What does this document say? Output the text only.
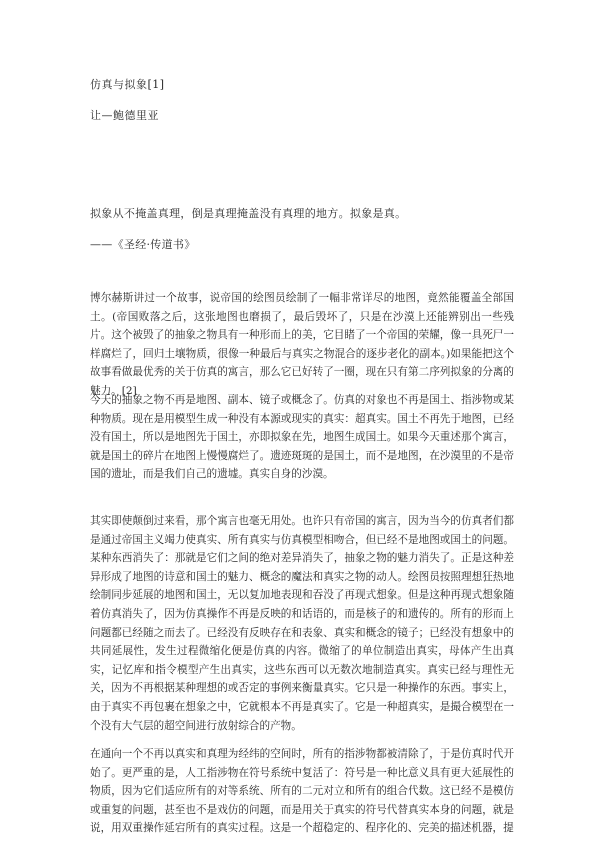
仿真与拟象[1]
让—鲍德里亚
拟象从不掩盖真理，倒是真理掩盖没有真理的地方。拟象是真。
——《圣经·传道书》

博尔赫斯讲过一个故事，说帝国的绘图员绘制了一幅非常详尽的地图，竟然能覆盖全部国土。(帝国败落之后，这张地图也磨损了，最后毁坏了，只是在沙漠上还能辨别出一些残片。这个被毁了的抽象之物具有一种形而上的美，它目睹了一个帝国的荣耀，像一具死尸一样腐烂了，回归土壤物质，很像一种最后与真实之物混合的逐步老化的副本。)如果能把这个故事看做最优秀的关于仿真的寓言，那么它已好转了一圈，现在只有第二序列拟象的分离的魅力。[2]

今天的抽象之物不再是地图、副本、镜子或概念了。仿真的对象也不再是国土、指涉物或某种物质。现在是用模型生成一种没有本源或现实的真实：超真实。国土不再先于地图，已经没有国土，所以是地图先于国土，亦即拟象在先，地图生成国土。如果今天重述那个寓言，就是国土的碎片在地图上慢慢腐烂了。遗迹斑斑的是国土，而不是地图，在沙漠里的不是帝国的遗址，而是我们自己的遗墟。真实自身的沙漠。

其实即使颠倒过来看，那个寓言也毫无用处。也许只有帝国的寓言，因为当今的仿真者们都是通过帝国主义竭力使真实、所有真实与仿真模型相吻合，但已经不是地图或国土的问题。某种东西消失了：那就是它们之间的绝对差异消失了，抽象之物的魅力消失了。正是这种差异形成了地图的诗意和国土的魅力、概念的魔法和真实之物的动人。绘图员按照理想狂热地绘制同步延展的地图和国土，无以复加地表现和吞没了再现式想象。但是这种再现式想象随着仿真消失了，因为仿真操作不再是反映的和话语的，而是核子的和遗传的。所有的形而上问题都已经随之而去了。已经没有反映存在和表象、真实和概念的镜子；已经没有想象中的共同延展性，发生过程微缩化便是仿真的内容。微缩了的单位制造出真实，母体产生出真实，记忆库和指令模型产生出真实，这些东西可以无数次地制造真实。真实已经与理性无关，因为不再根据某种理想的或否定的事例来衡量真实。它只是一种操作的东西。事实上，由于真实不再包裹在想象之中，它就根本不再是真实了。它是一种超真实，是撮合模型在一个没有大气层的超空间进行放射综合的产物。

在通向一个不再以真实和真理为经纬的空间时，所有的指涉物都被清除了，于是仿真时代开始了。更严重的是，人工指涉物在符号系统中复活了：符号是一种比意义具有更大延展性的物质，因为它们适应所有的对等系统、所有的二元对立和所有的组合代数。这已经不是模仿或重复的问题，甚至也不是戏仿的问题，而是用关于真实的符号代替真实本身的问题，就是说，用双重操作延宕所有的真实过程。这是一个超稳定的、程序化的、完美的描述机器，提
